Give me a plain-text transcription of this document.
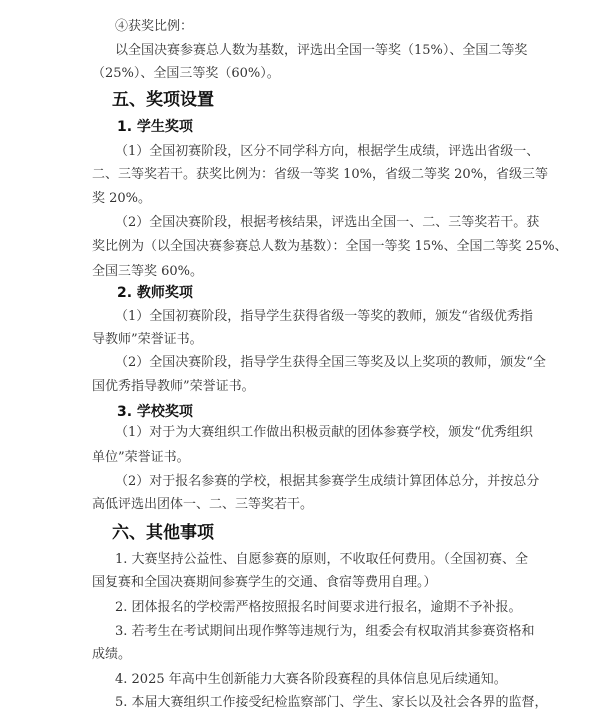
④获奖比例：
以全国决赛参赛总人数为基数，评选出全国一等奖（15%）、全国二等奖
（25%）、全国三等奖（60%）。
五、奖项设置
1. 学生奖项
（1）全国初赛阶段，区分不同学科方向，根据学生成绩，评选出省级一、
二、三等奖若干。获奖比例为：省级一等奖 10%，省级二等奖 20%，省级三等
奖 20%。
（2）全国决赛阶段，根据考核结果，评选出全国一、二、三等奖若干。获
奖比例为（以全国决赛参赛总人数为基数）：全国一等奖 15%、全国二等奖 25%、
全国三等奖 60%。
2. 教师奖项
（1）全国初赛阶段，指导学生获得省级一等奖的教师，颁发“省级优秀指
导教师”荣誉证书。
（2）全国决赛阶段，指导学生获得全国三等奖及以上奖项的教师，颁发“全
国优秀指导教师”荣誉证书。
3. 学校奖项
（1）对于为大赛组织工作做出积极贡献的团体参赛学校，颁发“优秀组织
单位”荣誉证书。
（2）对于报名参赛的学校，根据其参赛学生成绩计算团体总分，并按总分
高低评选出团体一、二、三等奖若干。
六、其他事项
1. 大赛坚持公益性、自愿参赛的原则，不收取任何费用。（全国初赛、全
国复赛和全国决赛期间参赛学生的交通、食宿等费用自理。）
2. 团体报名的学校需严格按照报名时间要求进行报名，逾期不予补报。
3. 若考生在考试期间出现作弊等违规行为，组委会有权取消其参赛资格和
成绩。
4. 2025 年高中生创新能力大赛各阶段赛程的具体信息见后续通知。
5. 本届大赛组织工作接受纪检监察部门、学生、家长以及社会各界的监督，
